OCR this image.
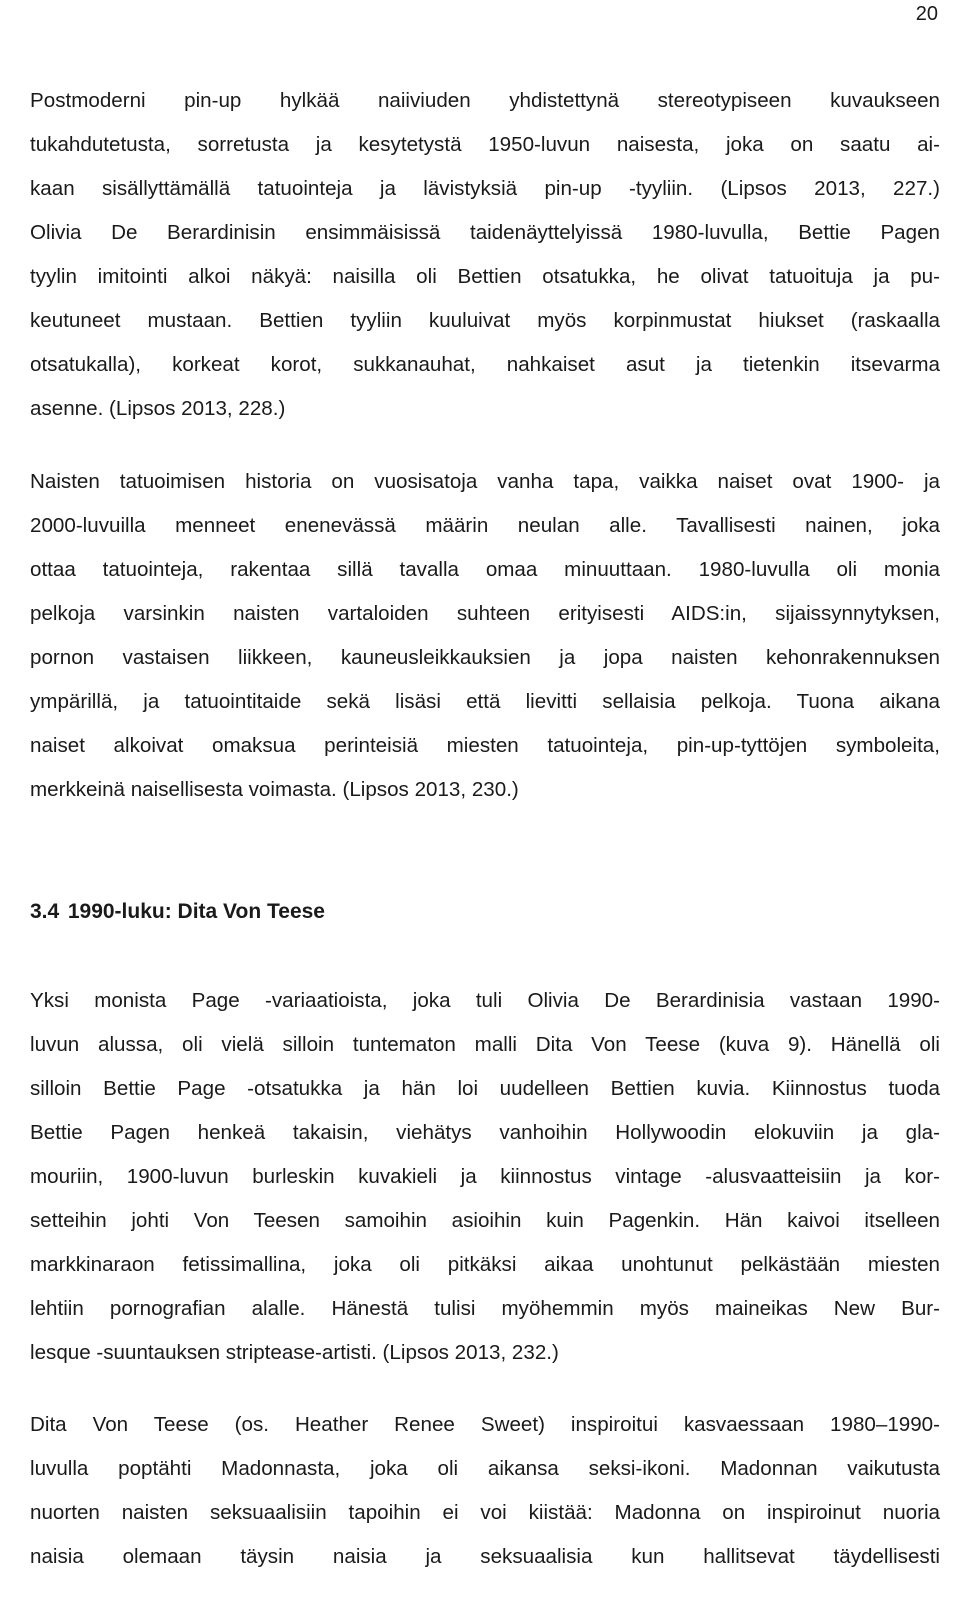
20
Postmoderni pin-up hylkää naiiviuden yhdistettynä stereotypiseen kuvaukseen
tukahdutetusta, sorretusta ja kesytetystä 1950-luvun naisesta, joka on saatu ai-
kaan sisällyttämällä tatuointeja ja lävistyksiä pin-up -tyyliin. (Lipsos 2013, 227.)
Olivia De Berardinisin ensimmäisissä taidenäyttelyissä 1980-luvulla, Bettie Pagen
tyylin imitointi alkoi näkyä: naisilla oli Bettien otsatukka, he olivat tatuoituja ja pu-
keutuneet mustaan. Bettien tyyliin kuuluivat myös korpinmustat hiukset (raskaalla
otsatukalla), korkeat korot, sukkanauhat, nahkaiset asut ja tietenkin itsevarma
asenne. (Lipsos 2013, 228.)
Naisten tatuoimisen historia on vuosisatoja vanha tapa, vaikka naiset ovat 1900- ja
2000-luvuilla menneet enenevässä määrin neulan alle. Tavallisesti nainen, joka
ottaa tatuointeja, rakentaa sillä tavalla omaa minuuttaan. 1980-luvulla oli monia
pelkoja varsinkin naisten vartaloiden suhteen erityisesti AIDS:in, sijaissynnytyksen,
pornon vastaisen liikkeen, kauneusleikkauksien ja jopa naisten kehonrakennuksen
ympärillä, ja tatuointitaide sekä lisäsi että lievitti sellaisia pelkoja. Tuona aikana
naiset alkoivat omaksua perinteisiä miesten tatuointeja, pin-up-tyttöjen symboleita,
merkkeinä naisellisesta voimasta. (Lipsos 2013, 230.)
3.4 1990-luku: Dita Von Teese
Yksi monista Page -variaatioista, joka tuli Olivia De Berardinisia vastaan 1990-
luvun alussa, oli vielä silloin tuntematon malli Dita Von Teese (kuva 9). Hänellä oli
silloin Bettie Page -otsatukka ja hän loi uudelleen Bettien kuvia. Kiinnostus tuoda
Bettie Pagen henkeä takaisin, viehätys vanhoihin Hollywoodin elokuviin ja gla-
mouriin, 1900-luvun burleskin kuvakieli ja kiinnostus vintage -alusvaatteisiin ja kor-
setteihin johti Von Teesen samoihin asioihin kuin Pagenkin. Hän kaivoi itselleen
markkinaraon fetissimallina, joka oli pitkäksi aikaa unohtunut pelkästään miesten
lehtiin pornografian alalle. Hänestä tulisi myöhemmin myös maineikas New Bur-
lesque -suuntauksen striptease-artisti. (Lipsos 2013, 232.)
Dita Von Teese (os. Heather Renee Sweet) inspiroitui kasvaessaan 1980–1990-
luvulla poptähti Madonnasta, joka oli aikansa seksi-ikoni. Madonnan vaikutusta
nuorten naisten seksuaalisiin tapoihin ei voi kiistää: Madonna on inspiroinut nuoria
naisia olemaan täysin naisia ja seksuaalisia kun hallitsevat täydellisesti
